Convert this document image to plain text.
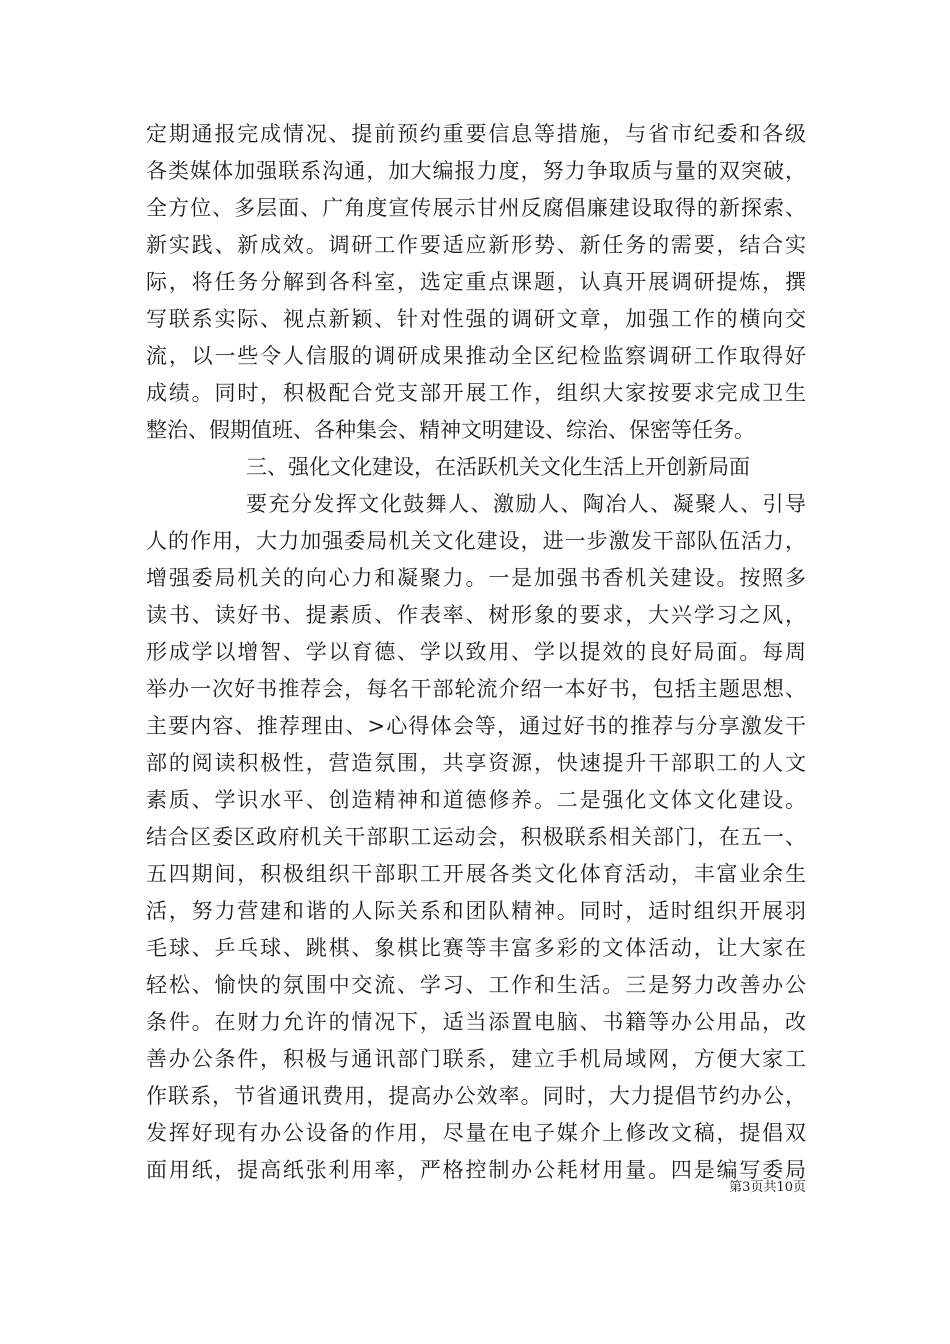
定期通报完成情况、提前预约重要信息等措施，与省市纪委和各级
各类媒体加强联系沟通，加大编报力度，努力争取质与量的双突破，
全方位、多层面、广角度宣传展示甘州反腐倡廉建设取得的新探索、
新实践、新成效。调研工作要适应新形势、新任务的需要，结合实
际，将任务分解到各科室，选定重点课题，认真开展调研提炼，撰
写联系实际、视点新颖、针对性强的调研文章，加强工作的横向交
流，以一些令人信服的调研成果推动全区纪检监察调研工作取得好
成绩。同时，积极配合党支部开展工作，组织大家按要求完成卫生
整治、假期值班、各种集会、精神文明建设、综治、保密等任务。
三、强化文化建设，在活跃机关文化生活上开创新局面
要充分发挥文化鼓舞人、激励人、陶冶人、凝聚人、引导
人的作用，大力加强委局机关文化建设，进一步激发干部队伍活力，
增强委局机关的向心力和凝聚力。一是加强书香机关建设。按照多
读书、读好书、提素质、作表率、树形象的要求，大兴学习之风，
形成学以增智、学以育德、学以致用、学以提效的良好局面。每周
举办一次好书推荐会，每名干部轮流介绍一本好书，包括主题思想、
主要内容、推荐理由、>心得体会等，通过好书的推荐与分享激发干
部的阅读积极性，营造氛围，共享资源，快速提升干部职工的人文
素质、学识水平、创造精神和道德修养。二是强化文体文化建设。
结合区委区政府机关干部职工运动会，积极联系相关部门，在五一、
五四期间，积极组织干部职工开展各类文化体育活动，丰富业余生
活，努力营建和谐的人际关系和团队精神。同时，适时组织开展羽
毛球、乒乓球、跳棋、象棋比赛等丰富多彩的文体活动，让大家在
轻松、愉快的氛围中交流、学习、工作和生活。三是努力改善办公
条件。在财力允许的情况下，适当添置电脑、书籍等办公用品，改
善办公条件，积极与通讯部门联系，建立手机局域网，方便大家工
作联系，节省通讯费用，提高办公效率。同时，大力提倡节约办公，
发挥好现有办公设备的作用，尽量在电子媒介上修改文稿，提倡双
面用纸，提高纸张利用率，严格控制办公耗材用量。四是编写委局
第3页共10页
